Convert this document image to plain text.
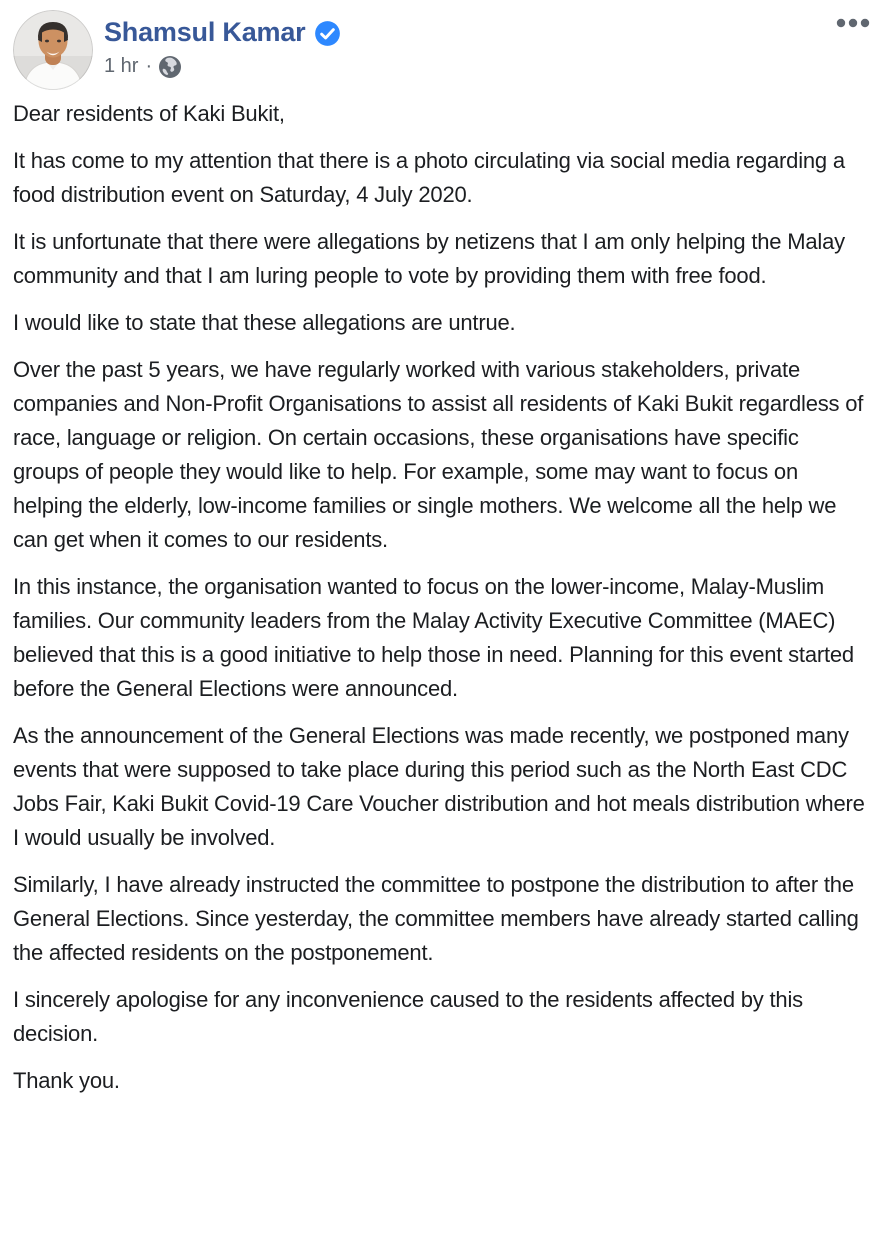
Shamsul Kamar
1 hr ·

Dear residents of Kaki Bukit,

It has come to my attention that there is a photo circulating via social media regarding a food distribution event on Saturday, 4 July 2020.

It is unfortunate that there were allegations by netizens that I am only helping the Malay community and that I am luring people to vote by providing them with free food.

I would like to state that these allegations are untrue.

Over the past 5 years, we have regularly worked with various stakeholders, private companies and Non-Profit Organisations to assist all residents of Kaki Bukit regardless of race, language or religion. On certain occasions, these organisations have specific groups of people they would like to help. For example, some may want to focus on helping the elderly, low-income families or single mothers. We welcome all the help we can get when it comes to our residents.

In this instance, the organisation wanted to focus on the lower-income, Malay-Muslim families. Our community leaders from the Malay Activity Executive Committee (MAEC) believed that this is a good initiative to help those in need. Planning for this event started before the General Elections were announced.

As the announcement of the General Elections was made recently, we postponed many events that were supposed to take place during this period such as the North East CDC Jobs Fair, Kaki Bukit Covid-19 Care Voucher distribution and hot meals distribution where I would usually be involved.

Similarly, I have already instructed the committee to postpone the distribution to after the General Elections. Since yesterday, the committee members have already started calling the affected residents on the postponement.

I sincerely apologise for any inconvenience caused to the residents affected by this decision.

Thank you.
